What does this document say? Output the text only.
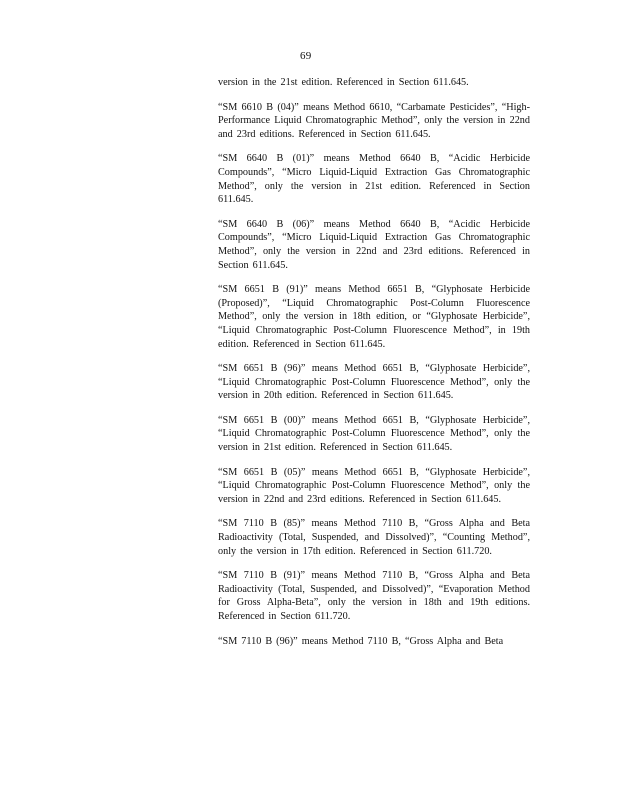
69

version in the 21st edition. Referenced in Section 611.645.

“SM 6610 B (04)” means Method 6610, “Carbamate Pesticides”, “High-Performance Liquid Chromatographic Method”, only the version in 22nd and 23rd editions. Referenced in Section 611.645.

“SM 6640 B (01)” means Method 6640 B, “Acidic Herbicide Compounds”, “Micro Liquid-Liquid Extraction Gas Chromatographic Method”, only the version in 21st edition. Referenced in Section 611.645.

“SM 6640 B (06)” means Method 6640 B, “Acidic Herbicide Compounds”, “Micro Liquid-Liquid Extraction Gas Chromatographic Method”, only the version in 22nd and 23rd editions. Referenced in Section 611.645.

“SM 6651 B (91)” means Method 6651 B, “Glyphosate Herbicide (Proposed)”, “Liquid Chromatographic Post-Column Fluorescence Method”, only the version in 18th edition, or “Glyphosate Herbicide”, “Liquid Chromatographic Post-Column Fluorescence Method”, in 19th edition. Referenced in Section 611.645.

“SM 6651 B (96)” means Method 6651 B, “Glyphosate Herbicide”, “Liquid Chromatographic Post-Column Fluorescence Method”, only the version in 20th edition. Referenced in Section 611.645.

“SM 6651 B (00)” means Method 6651 B, “Glyphosate Herbicide”, “Liquid Chromatographic Post-Column Fluorescence Method”, only the version in 21st edition. Referenced in Section 611.645.

“SM 6651 B (05)” means Method 6651 B, “Glyphosate Herbicide”, “Liquid Chromatographic Post-Column Fluorescence Method”, only the version in 22nd and 23rd editions. Referenced in Section 611.645.

“SM 7110 B (85)” means Method 7110 B, “Gross Alpha and Beta Radioactivity (Total, Suspended, and Dissolved)”, “Counting Method”, only the version in 17th edition. Referenced in Section 611.720.

“SM 7110 B (91)” means Method 7110 B, “Gross Alpha and Beta Radioactivity (Total, Suspended, and Dissolved)”, “Evaporation Method for Gross Alpha-Beta”, only the version in 18th and 19th editions. Referenced in Section 611.720.

“SM 7110 B (96)” means Method 7110 B, “Gross Alpha and Beta
